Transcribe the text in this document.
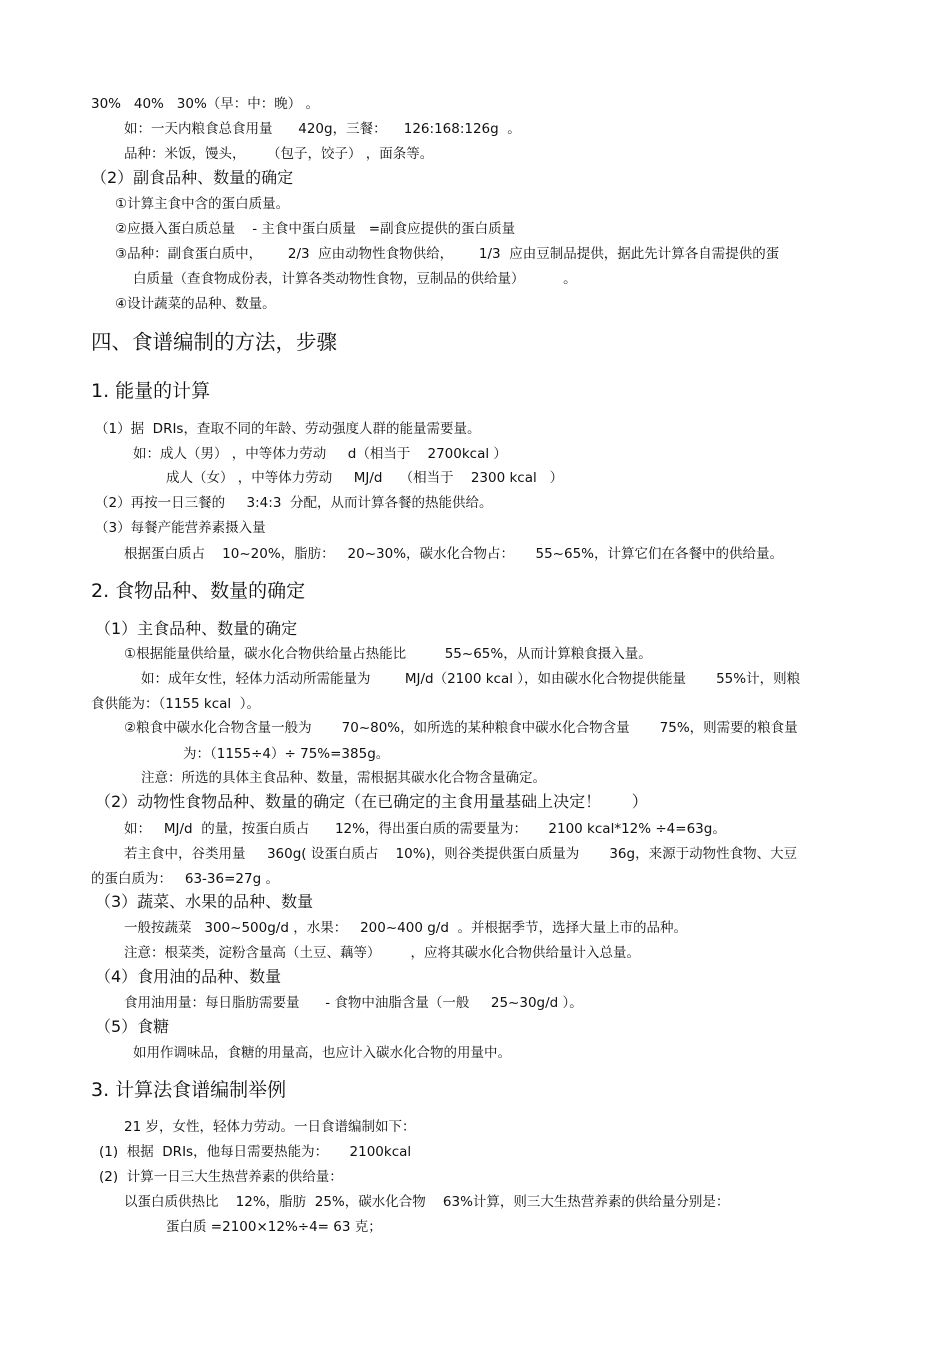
30%   40%   30%（早：中：晚） 。
如：一天内粮食总食用量      420g，三餐：    126:168:126g  。
品种：米饭，馒头，     （包子，饺子） ，面条等。
（2）副食品种、数量的确定
①计算主食中含的蛋白质量。
②应摄入蛋白质总量    - 主食中蛋白质量   =副食应提供的蛋白质量
③品种：副食蛋白质中，      2/3  应由动物性食物供给，      1/3  应由豆制品提供，据此先计算各自需提供的蛋
白质量（查食物成份表，计算各类动物性食物，豆制品的供给量）         。
④设计蔬菜的品种、数量。
四、食谱编制的方法，步骤
1. 能量的计算
（1）据  DRIs，查取不同的年龄、劳动强度人群的能量需要量。
如：成人（男） ，中等体力劳动     d（相当于    2700kcal ）
成人（女） ，中等体力劳动     MJ/d    （相当于    2300 kcal   ）
（2）再按一日三餐的     3:4:3  分配，从而计算各餐的热能供给。
（3）每餐产能营养素摄入量
根据蛋白质占    10~20%，脂肪：   20~30%，碳水化合物占：     55~65%，计算它们在各餐中的供给量。
2. 食物品种、数量的确定
（1）主食品种、数量的确定
①根据能量供给量，碳水化合物供给量占热能比         55~65%，从而计算粮食摄入量。
如：成年女性，轻体力活动所需能量为        MJ/d（2100 kcal ），如由碳水化合物提供能量       55%计，则粮
食供能为：（1155 kcal  ）。
②粮食中碳水化合物含量一般为       70~80%，如所选的某种粮食中碳水化合物含量       75%，则需要的粮食量
为：（1155÷4）÷ 75%=385g。
注意：所选的具体主食品种、数量，需根据其碳水化合物含量确定。
（2）动物性食物品种、数量的确定（在已确定的主食用量基础上决定！      ）
如：   MJ/d  的量，按蛋白质占      12%，得出蛋白质的需要量为：     2100 kcal*12% ÷4=63g。
若主食中，谷类用量     360g( 设蛋白质占    10%)，则谷类提供蛋白质量为       36g，来源于动物性食物、大豆
的蛋白质为：   63-36=27g 。
（3）蔬菜、水果的品种、数量
一般按蔬菜   300~500g/d ，水果：   200~400 g/d  。并根据季节，选择大量上市的品种。
注意：根菜类，淀粉含量高（土豆、藕等）       ，应将其碳水化合物供给量计入总量。
（4）食用油的品种、数量
食用油用量：每日脂肪需要量      - 食物中油脂含量（一般     25~30g/d ）。
（5）食糖
如用作调味品，食糖的用量高，也应计入碳水化合物的用量中。
3. 计算法食谱编制举例
21 岁，女性，轻体力劳动。一日食谱编制如下：
(1)  根据  DRIs，他每日需要热能为：     2100kcal
(2)  计算一日三大生热营养素的供给量：
以蛋白质供热比    12%，脂肪  25%，碳水化合物    63%计算，则三大生热营养素的供给量分别是：
蛋白质 =2100×12%÷4= 63 克；
